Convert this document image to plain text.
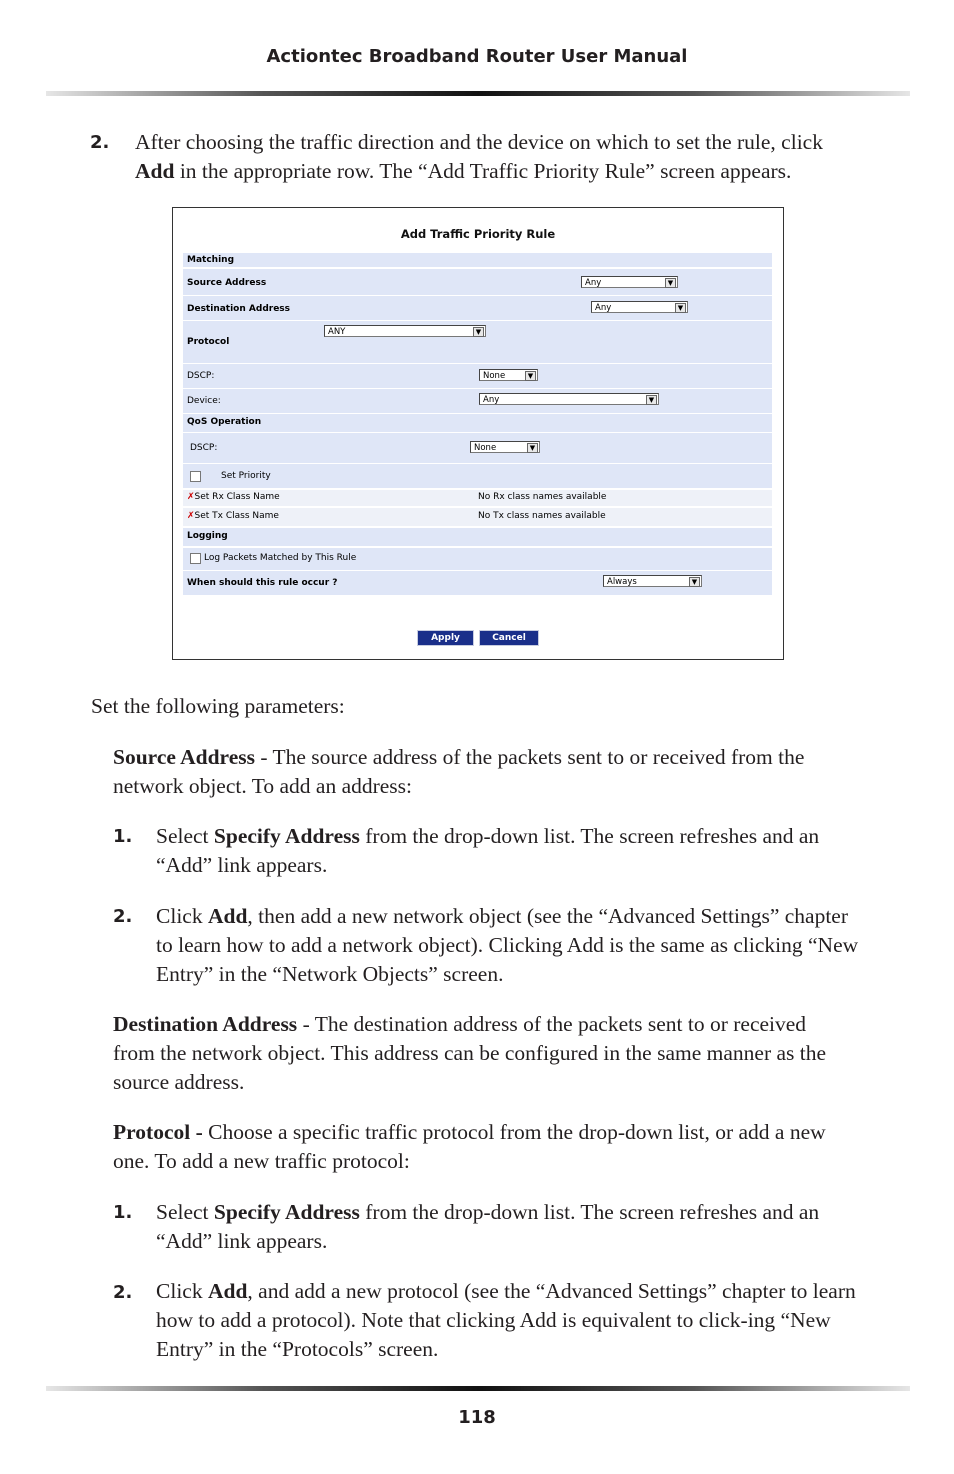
Actiontec Broadband Router User Manual
2. After choosing the traffic direction and the device on which to set the rule, click Add in the appropriate row. The “Add Traffic Priority Rule” screen appears.

Add Traffic Priority Rule
Matching
Source Address	Any	▼
Destination Address	Any	▼
Protocol
ANY	▼
DSCP:	None	▼
Device:	Any	▼
QoS Operation
DSCP:	None	▼
Set Priority
✗Set Rx Class Name	No Rx class names available
✗Set Tx Class Name	No Tx class names available
Logging
Log Packets Matched by This Rule
When should this rule occur ?	Always	▼
Apply	Cancel

Set the following parameters:

Source Address - The source address of the packets sent to or received from the network object. To add an address:

1. Select Specify Address from the drop-down list. The screen refreshes and an “Add” link appears.

2. Click Add, then add a new network object (see the “Advanced Settings” chapter to learn how to add a network object). Clicking Add is the same as clicking “New Entry” in the “Network Objects” screen.

Destination Address - The destination address of the packets sent to or received from the network object. This address can be configured in the same manner as the source address.

Protocol - Choose a specific traffic protocol from the drop-down list, or add a new one. To add a new traffic protocol:

1. Select Specify Address from the drop-down list. The screen refreshes and an “Add” link appears.

2. Click Add, and add a new protocol (see the “Advanced Settings” chapter to learn how to add a protocol). Note that clicking Add is equivalent to click-ing “New Entry” in the “Protocols” screen.

118
